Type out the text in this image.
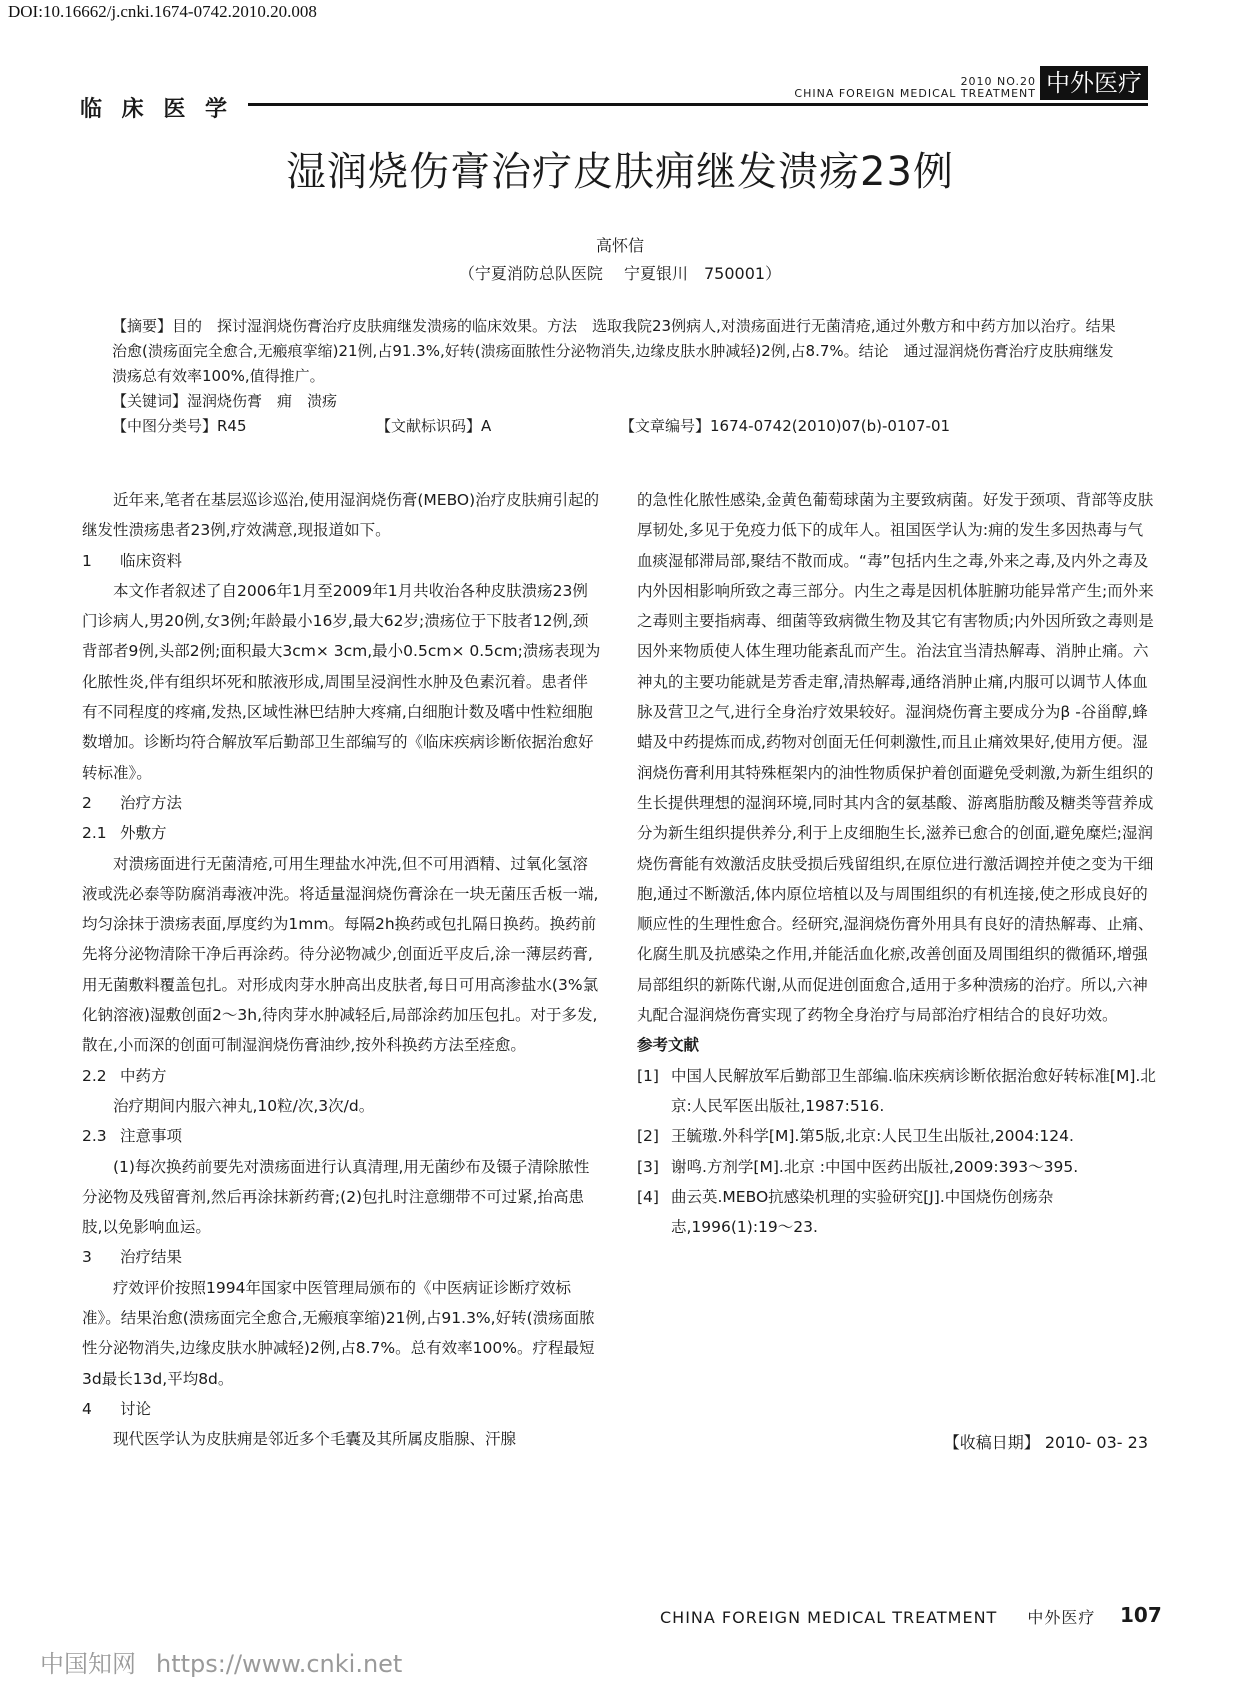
DOI:10.16662/j.cnki.1674-0742.2010.20.008
临 床 医 学
2010 NO.20
CHINA FOREIGN MEDICAL TREATMENT 中外医疗
湿润烧伤膏治疗皮肤痈继发溃疡23例
高怀信
（宁夏消防总队医院　 宁夏银川　750001）

【摘要】目的　探讨湿润烧伤膏治疗皮肤痈继发溃疡的临床效果。方法　选取我院23例病人,对溃疡面进行无菌清疮,通过外敷方和中药方加以治疗。结果　治愈(溃疡面完全愈合,无瘢痕挛缩)21例,占91.3%,好转(溃疡面脓性分泌物消失,边缘皮肤水肿减轻)2例,占8.7%。结论　通过湿润烧伤膏治疗皮肤痈继发溃疡总有效率100%,值得推广。

【关键词】湿润烧伤膏　痈　溃疡

【中图分类号】R45	【文献标识码】A	【文章编号】1674-0742(2010)07(b)-0107-01

近年来,笔者在基层巡诊巡治,使用湿润烧伤膏(MEBO)治疗皮肤痈引起的继发性溃疡患者23例,疗效满意,现报道如下。

1 临床资料

本文作者叙述了自2006年1月至2009年1月共收治各种皮肤溃疡23例门诊病人,男20例,女3例;年龄最小16岁,最大62岁;溃疡位于下肢者12例,颈背部者9例,头部2例;面积最大3cm× 3cm,最小0.5cm× 0.5cm;溃疡表现为化脓性炎,伴有组织坏死和脓液形成,周围呈浸润性水肿及色素沉着。患者伴有不同程度的疼痛,发热,区域性淋巴结肿大疼痛,白细胞计数及嗜中性粒细胞数增加。诊断均符合解放军后勤部卫生部编写的《临床疾病诊断依据治愈好转标准》。

2 治疗方法

2.1 外敷方

对溃疡面进行无菌清疮,可用生理盐水冲洗,但不可用酒精、过氧化氢溶液或洗必泰等防腐消毒液冲洗。将适量湿润烧伤膏涂在一块无菌压舌板一端,均匀涂抹于溃疡表面,厚度约为1mm。每隔2h换药或包扎隔日换药。换药前先将分泌物清除干净后再涂药。待分泌物减少,创面近平皮后,涂一薄层药膏,用无菌敷料覆盖包扎。对形成肉芽水肿高出皮肤者,每日可用高渗盐水(3%氯化钠溶液)湿敷创面2～3h,待肉芽水肿减轻后,局部涂药加压包扎。对于多发,散在,小而深的创面可制湿润烧伤膏油纱,按外科换药方法至痊愈。

2.2 中药方

治疗期间内服六神丸,10粒/次,3次/d。

2.3 注意事项

(1)每次换药前要先对溃疡面进行认真清理,用无菌纱布及镊子清除脓性分泌物及残留膏剂,然后再涂抹新药膏;(2)包扎时注意绷带不可过紧,抬高患肢,以免影响血运。

3 治疗结果

疗效评价按照1994年国家中医管理局颁布的《中医病证诊断疗效标准》。结果治愈(溃疡面完全愈合,无瘢痕挛缩)21例,占91.3%,好转(溃疡面脓性分泌物消失,边缘皮肤水肿减轻)2例,占8.7%。总有效率100%。疗程最短3d最长13d,平均8d。

4 讨论

现代医学认为皮肤痈是邻近多个毛囊及其所属皮脂腺、汗腺

的急性化脓性感染,金黄色葡萄球菌为主要致病菌。好发于颈项、背部等皮肤厚韧处,多见于免疫力低下的成年人。祖国医学认为:痈的发生多因热毒与气血痰湿郁滞局部,聚结不散而成。“毒”包括内生之毒,外来之毒,及内外之毒及内外因相影响所致之毒三部分。内生之毒是因机体脏腑功能异常产生;而外来之毒则主要指病毒、细菌等致病微生物及其它有害物质;内外因所致之毒则是因外来物质使人体生理功能紊乱而产生。治法宜当清热解毒、消肿止痛。六神丸的主要功能就是芳香走窜,清热解毒,通络消肿止痛,内服可以调节人体血脉及营卫之气,进行全身治疗效果较好。湿润烧伤膏主要成分为β -谷甾醇,蜂蜡及中药提炼而成,药物对创面无任何刺激性,而且止痛效果好,使用方便。湿润烧伤膏利用其特殊框架内的油性物质保护着创面避免受刺激,为新生组织的生长提供理想的湿润环境,同时其内含的氨基酸、游离脂肪酸及糖类等营养成分为新生组织提供养分,利于上皮细胞生长,滋养已愈合的创面,避免糜烂;湿润烧伤膏能有效激活皮肤受损后残留组织,在原位进行激活调控并使之变为干细胞,通过不断激活,体内原位培植以及与周围组织的有机连接,使之形成良好的顺应性的生理性愈合。经研究,湿润烧伤膏外用具有良好的清热解毒、止痛、化腐生肌及抗感染之作用,并能活血化瘀,改善创面及周围组织的微循环,增强局部组织的新陈代谢,从而促进创面愈合,适用于多种溃疡的治疗。所以,六神丸配合湿润烧伤膏实现了药物全身治疗与局部治疗相结合的良好功效。

参考文献

[1] 中国人民解放军后勤部卫生部编.临床疾病诊断依据治愈好转标准[M].北京:人民军医出版社,1987:516.

[2] 王毓璈.外科学[M].第5版,北京:人民卫生出版社,2004:124.

[3] 谢鸣.方剂学[M].北京 :中国中医药出版社,2009:393～395.

[4] 曲云英.MEBO抗感染机理的实验研究[J].中国烧伤创疡杂志,1996(1):19～23.

【收稿日期】 2010- 03- 23
CHINA FOREIGN MEDICAL TREATMENT 中外医疗 107
中国知网 https://www.cnki.net
